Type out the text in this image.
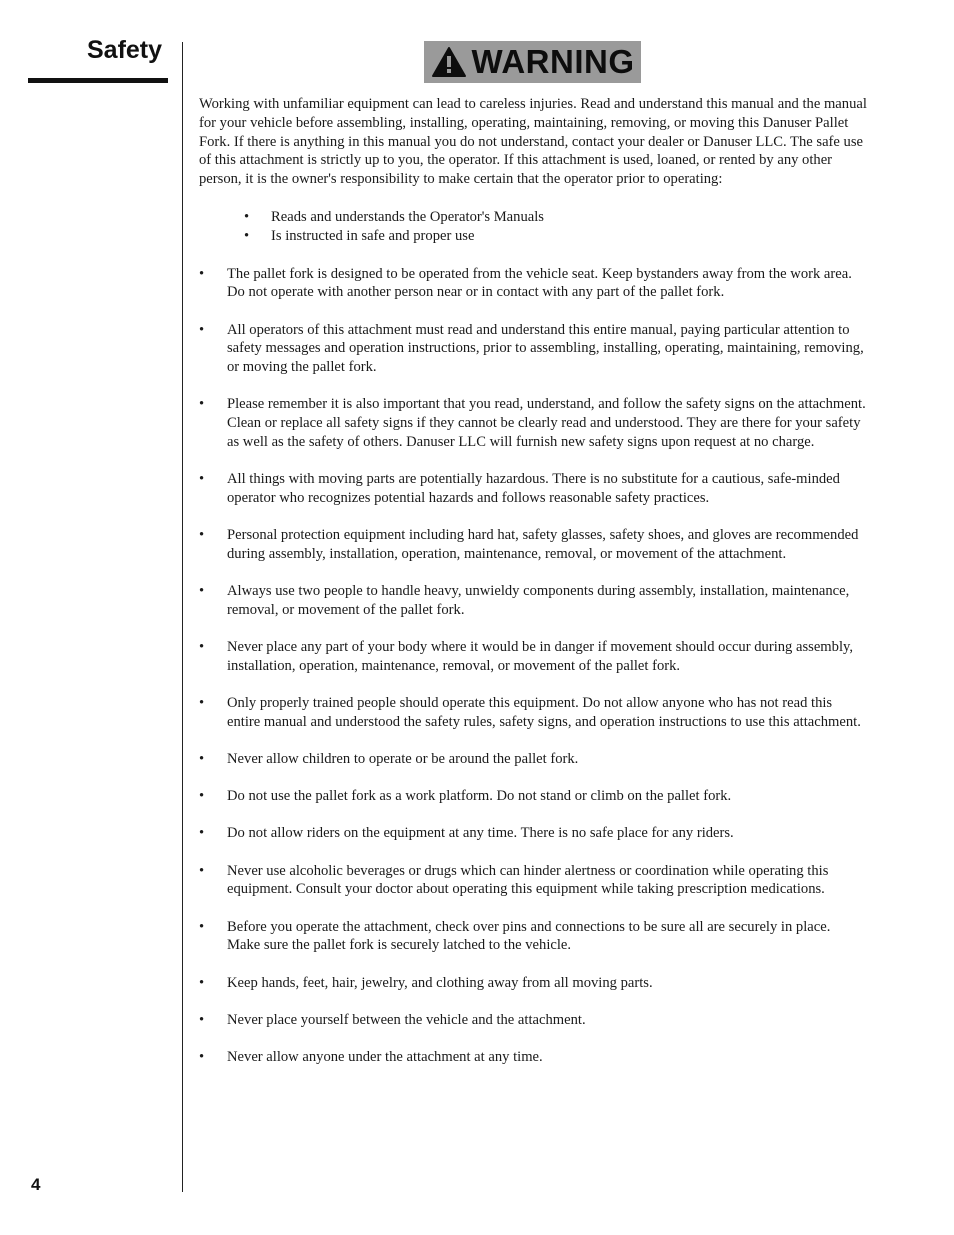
Safety
4
WARNING

Working with unfamiliar equipment can lead to careless injuries. Read and understand this manual and the manual for your vehicle before assembling, installing, operating, maintaining, removing, or moving this Danuser Pallet Fork. If there is anything in this manual you do not understand, contact your dealer or Danuser LLC. The safe use of this attachment is strictly up to you, the operator. If this attachment is used, loaned, or rented by any other person, it is the owner's responsibility to make certain that the operator prior to operating:

• Reads and understands the Operator's Manuals
• Is instructed in safe and proper use
• The pallet fork is designed to be operated from the vehicle seat. Keep bystanders away from the work area. Do not operate with another person near or in contact with any part of the pallet fork.
• All operators of this attachment must read and understand this entire manual, paying particular attention to safety messages and operation instructions, prior to assembling, installing, operating, maintaining, removing, or moving the pallet fork.
• Please remember it is also important that you read, understand, and follow the safety signs on the attachment. Clean or replace all safety signs if they cannot be clearly read and understood. They are there for your safety as well as the safety of others. Danuser LLC will furnish new safety signs upon request at no charge.
• All things with moving parts are potentially hazardous. There is no substitute for a cautious, safe-minded operator who recognizes potential hazards and follows reasonable safety practices.
• Personal protection equipment including hard hat, safety glasses, safety shoes, and gloves are recommended during assembly, installation, operation, maintenance, removal, or movement of the attachment.
• Always use two people to handle heavy, unwieldy components during assembly, installation, maintenance, removal, or movement of the pallet fork.
• Never place any part of your body where it would be in danger if movement should occur during assembly, installation, operation, maintenance, removal, or movement of the pallet fork.
• Only properly trained people should operate this equipment. Do not allow anyone who has not read this entire manual and understood the safety rules, safety signs, and operation instructions to use this attachment.
• Never allow children to operate or be around the pallet fork.
• Do not use the pallet fork as a work platform. Do not stand or climb on the pallet fork.
• Do not allow riders on the equipment at any time. There is no safe place for any riders.
• Never use alcoholic beverages or drugs which can hinder alertness or coordination while operating this equipment. Consult your doctor about operating this equipment while taking prescription medications.
• Before you operate the attachment, check over pins and connections to be sure all are securely in place. Make sure the pallet fork is securely latched to the vehicle.
• Keep hands, feet, hair, jewelry, and clothing away from all moving parts.
• Never place yourself between the vehicle and the attachment.
• Never allow anyone under the attachment at any time.
